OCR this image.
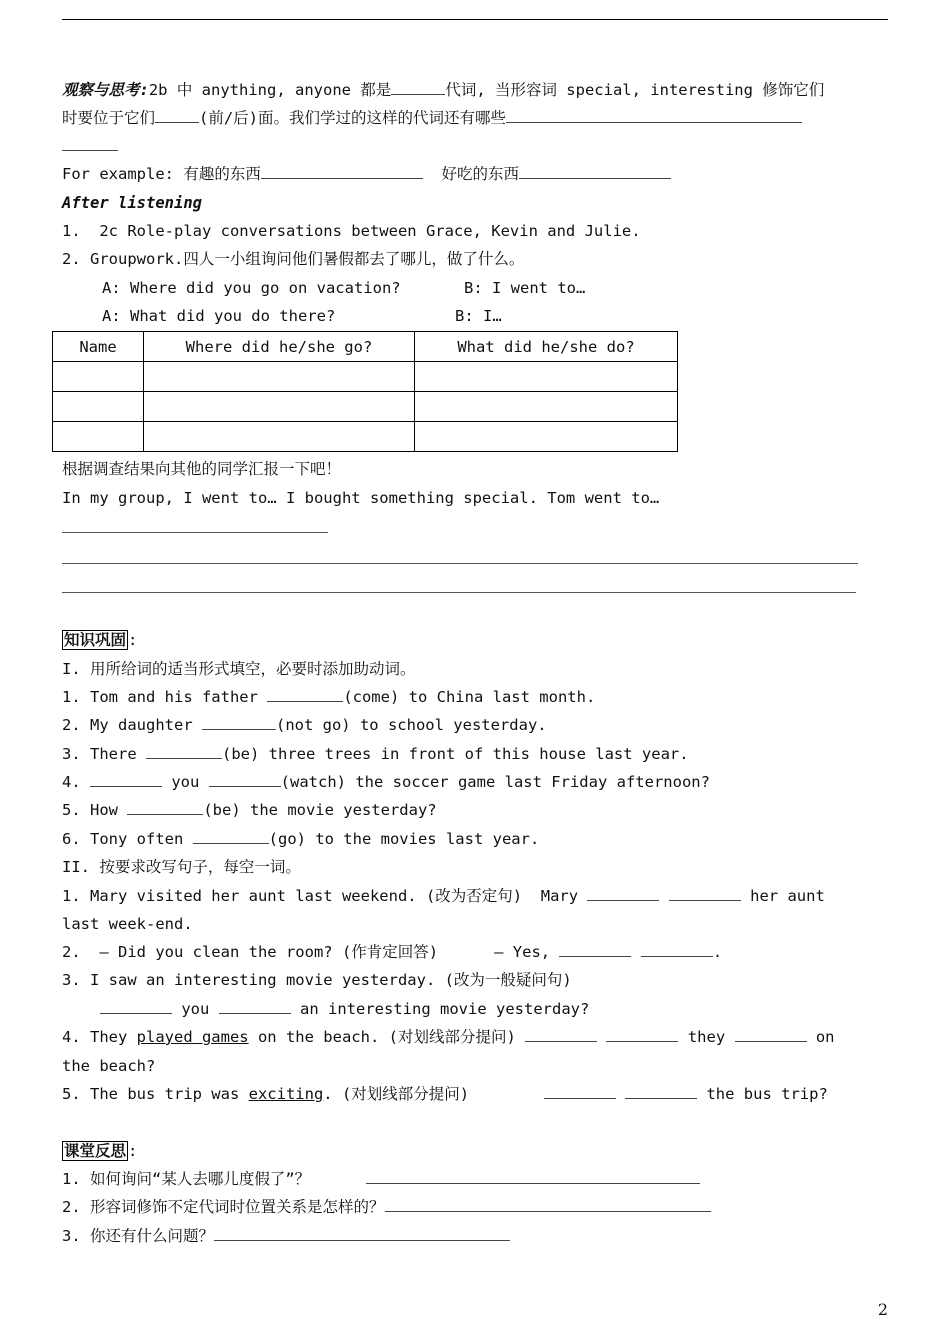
观察与思考:2b 中 anything, anyone 都是	代词, 当形容词 special, interesting 修饰它们
时要位于它们	(前/后)面。我们学过的这样的代词还有哪些
For example: 有趣的东西	好吃的东西
After listening
1.  2c Role-play conversations between Grace, Kevin and Julie.
2. Groupwork.四人一小组询问他们暑假都去了哪儿，做了什么。
A: Where did you go on vacation?	B: I went to…
A: What did you do there?	B: I…
Name	Where did he/she go?	What did he/she do?

根据调查结果向其他的同学汇报一下吧！
In my group, I went to… I bought something special. Tom went to…
知识巩固 :
I. 用所给词的适当形式填空，必要时添加助动词。
1. Tom and his father	(come) to China last month.
2. My daughter	(not go) to school yesterday.
3. There	(be) three trees in front of this house last year.
4.	you	(watch) the soccer game last Friday afternoon?
5. How	(be) the movie yesterday?
6. Tony often	(go) to the movies last year.
II. 按要求改写句子，每空一词。
1. Mary visited her aunt last weekend. (改为否定句)  Mary	her aunt
last week-end.
2.  — Did you clean the room? (作肯定回答)	— Yes,	.
3. I saw an interesting movie yesterday. (改为一般疑问句)
you	an interesting movie yesterday?
4. They played games on the beach. (对划线部分提问)	they	on
the beach?
5. The bus trip was exciting. (对划线部分提问)	the bus trip?
课堂反思 :
1. 如何询问“某人去哪儿度假了”？
2. 形容词修饰不定代词时位置关系是怎样的？
3. 你还有什么问题？
2
